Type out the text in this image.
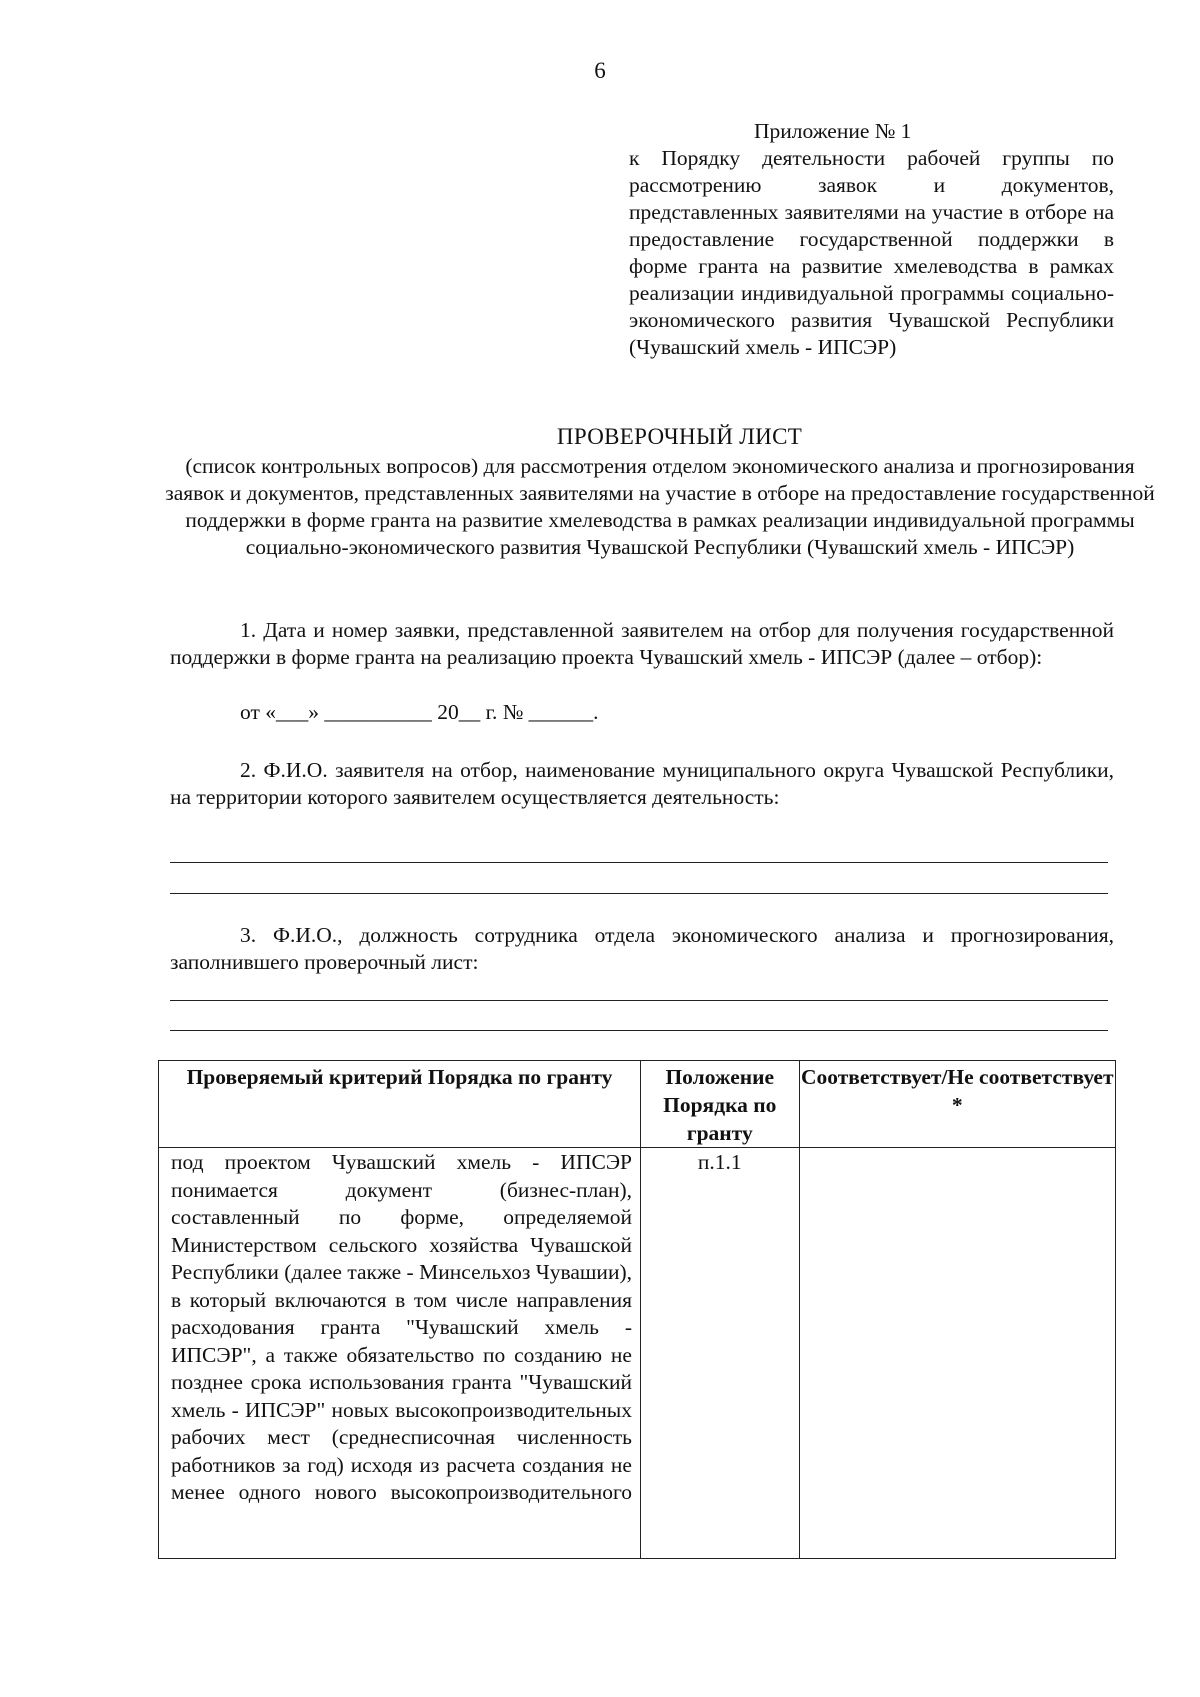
6
Приложение № 1
к Порядку деятельности рабочей группы по рассмотрению заявок и документов, представленных заявителями на участие в отборе на предоставление государственной поддержки в форме гранта на развитие хмелеводства в рамках реализации индивидуальной программы социально-экономического развития Чувашской Республики (Чувашский хмель - ИПСЭР)
ПРОВЕРОЧНЫЙ ЛИСТ
(список контрольных вопросов) для рассмотрения отделом экономического анализа и прогнозирования заявок и документов, представленных заявителями на участие в отборе на предоставление государственной поддержки в форме гранта на развитие хмелеводства в рамках реализации индивидуальной программы социально-экономического развития Чувашской Республики (Чувашский хмель - ИПСЭР)
1. Дата и номер заявки, представленной заявителем на отбор для получения государственной поддержки в форме гранта на реализацию проекта Чувашский хмель - ИПСЭР (далее – отбор):
от «___» __________ 20__ г. № ______.
2. Ф.И.О. заявителя на отбор, наименование муниципального округа Чувашской Республики, на территории которого заявителем осуществляется деятельность:
3. Ф.И.О., должность сотрудника отдела экономического анализа и прогнозирования, заполнившего проверочный лист:
Проверяемый критерий Порядка по гранту	Положение Порядка по гранту	Соответствует/Не соответствует *

под проектом Чувашский хмель - ИПСЭР понимается документ (бизнес-план), составленный по форме, определяемой Министерством сельского хозяйства Чувашской Республики (далее также - Минсельхоз Чувашии), в который включаются в том числе направления расходования гранта "Чувашский хмель - ИПСЭР", а также обязательство по созданию не позднее срока использования гранта "Чувашский хмель - ИПСЭР" новых высокопроизводительных рабочих мест (среднесписочная численность работников за год) исходя из расчета создания не менее одного нового высокопроизводительного	п.1.1	
